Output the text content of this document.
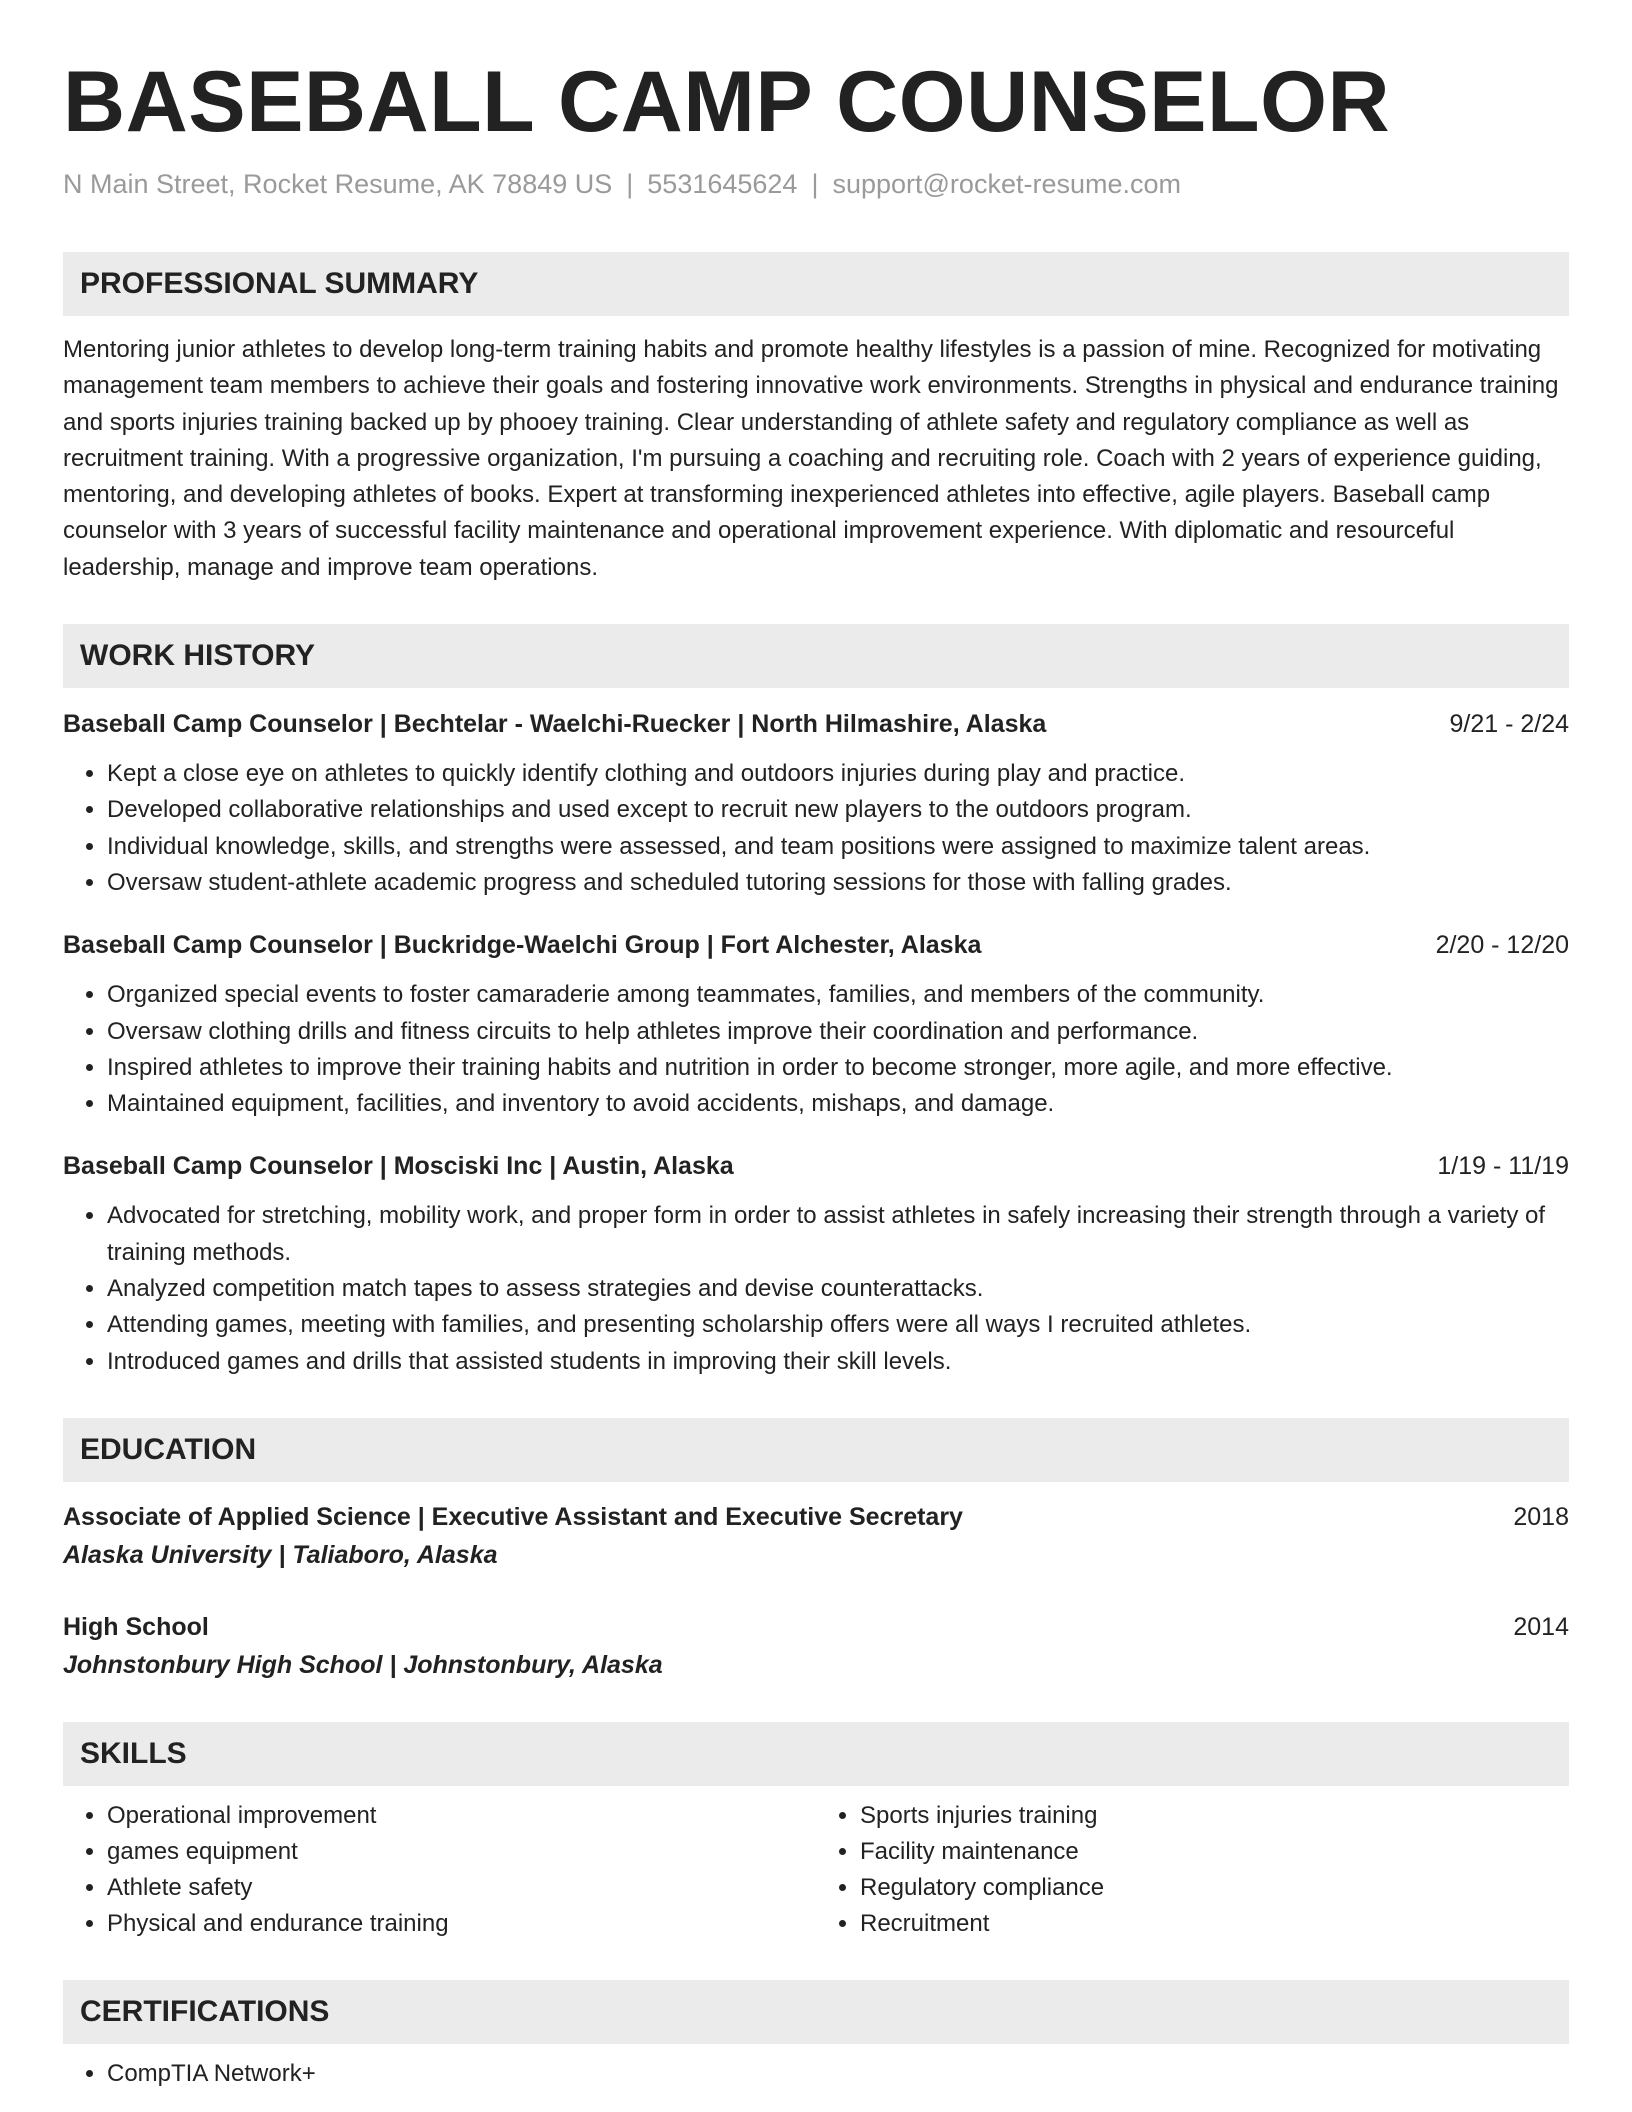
BASEBALL CAMP COUNSELOR
N Main Street, Rocket Resume, AK 78849 US | 5531645624 | support@rocket-resume.com
PROFESSIONAL SUMMARY
Mentoring junior athletes to develop long-term training habits and promote healthy lifestyles is a passion of mine. Recognized for motivating management team members to achieve their goals and fostering innovative work environments. Strengths in physical and endurance training and sports injuries training backed up by phooey training. Clear understanding of athlete safety and regulatory compliance as well as recruitment training. With a progressive organization, I'm pursuing a coaching and recruiting role. Coach with 2 years of experience guiding, mentoring, and developing athletes of books. Expert at transforming inexperienced athletes into effective, agile players. Baseball camp counselor with 3 years of successful facility maintenance and operational improvement experience. With diplomatic and resourceful leadership, manage and improve team operations.
WORK HISTORY
Baseball Camp Counselor | Bechtelar - Waelchi-Ruecker | North Hilmashire, Alaska	9/21 - 2/24
• Kept a close eye on athletes to quickly identify clothing and outdoors injuries during play and practice.
• Developed collaborative relationships and used except to recruit new players to the outdoors program.
• Individual knowledge, skills, and strengths were assessed, and team positions were assigned to maximize talent areas.
• Oversaw student-athlete academic progress and scheduled tutoring sessions for those with falling grades.
Baseball Camp Counselor | Buckridge-Waelchi Group | Fort Alchester, Alaska	2/20 - 12/20
• Organized special events to foster camaraderie among teammates, families, and members of the community.
• Oversaw clothing drills and fitness circuits to help athletes improve their coordination and performance.
• Inspired athletes to improve their training habits and nutrition in order to become stronger, more agile, and more effective.
• Maintained equipment, facilities, and inventory to avoid accidents, mishaps, and damage.
Baseball Camp Counselor | Mosciski Inc | Austin, Alaska	1/19 - 11/19
• Advocated for stretching, mobility work, and proper form in order to assist athletes in safely increasing their strength through a variety of training methods.
• Analyzed competition match tapes to assess strategies and devise counterattacks.
• Attending games, meeting with families, and presenting scholarship offers were all ways I recruited athletes.
• Introduced games and drills that assisted students in improving their skill levels.
EDUCATION
Associate of Applied Science | Executive Assistant and Executive Secretary	2018
Alaska University | Taliaboro, Alaska
High School	2014
Johnstonbury High School | Johnstonbury, Alaska
SKILLS
• Operational improvement
• games equipment
• Athlete safety
• Physical and endurance training
• Sports injuries training
• Facility maintenance
• Regulatory compliance
• Recruitment
CERTIFICATIONS
• CompTIA Network+
